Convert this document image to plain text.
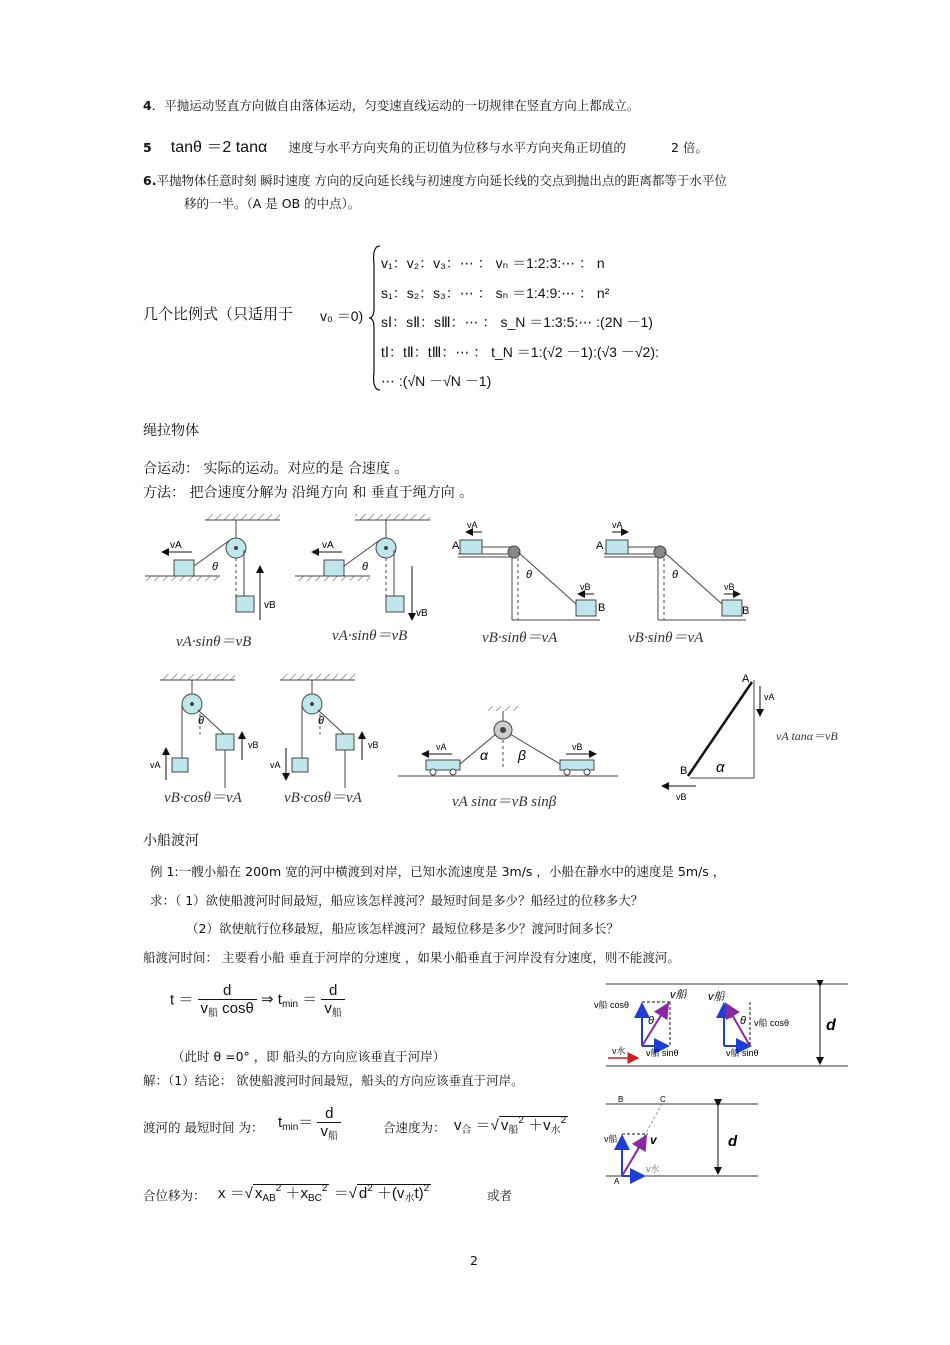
4．平抛运动竖直方向做自由落体运动，匀变速直线运动的一切规律在竖直方向上都成立。
5 tanθ ＝2 tanα 速度与水平方向夹角的正切值为位移与水平方向夹角正切值的	2 倍。
6.平抛物体任意时刻 瞬时速度 方向的反向延长线与初速度方向延长线的交点到抛出点的距离都等于水平位
移的一半。（A 是 OB 的中点）。
几个比例式（只适用于 v₀ ＝0)
v₁：v₂：v₃：⋯ ： vₙ ＝1:2:3:⋯ ： n
s₁：s₂：s₃：⋯ ： sₙ ＝1:4:9:⋯ ： n²
sⅠ：sⅡ：sⅢ：⋯ ： s_N ＝1:3:5:⋯ :(2N －1)
tⅠ：tⅡ：tⅢ：⋯ ： t_N ＝1:(√2 －1):(√3 －√2):
⋯ :(√N －√N －1)
绳拉物体
合运动： 实际的运动。对应的是 合速度 。
方法： 把合速度分解为 沿绳方向 和 垂直于绳方向 。
vA
θ
vB
vA·sinθ＝vB
vA
θ
vB
vA·sinθ＝vB
vA
A
B
θ
vB
vB·sinθ＝vA
vA
A
B
θ
vB
vB·sinθ＝vA
vB
θ
vA
vB·cosθ＝vA
vB
θ
vA
vB·cosθ＝vA
vA	vB
α β
vA sinα＝vB sinβ
A
B
vA
α
vB
vA tanα＝vB
小船渡河
例 1:一艘小船在 200m 宽的河中横渡到对岸，已知水流速度是 3m/s ，小船在静水中的速度是 5m/s ，
求：（ 1）欲使船渡河时间最短，船应该怎样渡河？最短时间是多少？船经过的位移多大？
（2）欲使航行位移最短，船应该怎样渡河？最短位移是多少？渡河时间多长？
船渡河时间： 主要看小船 垂直于河岸的分速度 ，如果小船垂直于河岸没有分速度，则不能渡河。
$t = \frac{d}{v_船 \cos\theta}$ ⇒ $t_{min} = \frac{d}{v_船}$
（此时 θ =0° ，即 船头的方向应该垂直于河岸）
解：（1）结论： 欲使船渡河时间最短，船头的方向应该垂直于河岸。
渡河的 最短时间 为： $t_{min}= \frac{d}{v_船}$	合速度为： $v_合$ ＝√ $v_船^2 +v_水^2$
合位移为： x ＝√ $x_{AB}^2 +x_{BC}^2$ ＝√ $d^2 +(v_水t)^2$	或者
v船 cosθ
v船
θ
v船 sinθ
v水
v船
θ v船 cosθ
v船 sinθ
d
B	C
A
v船	v
v水
d
2
